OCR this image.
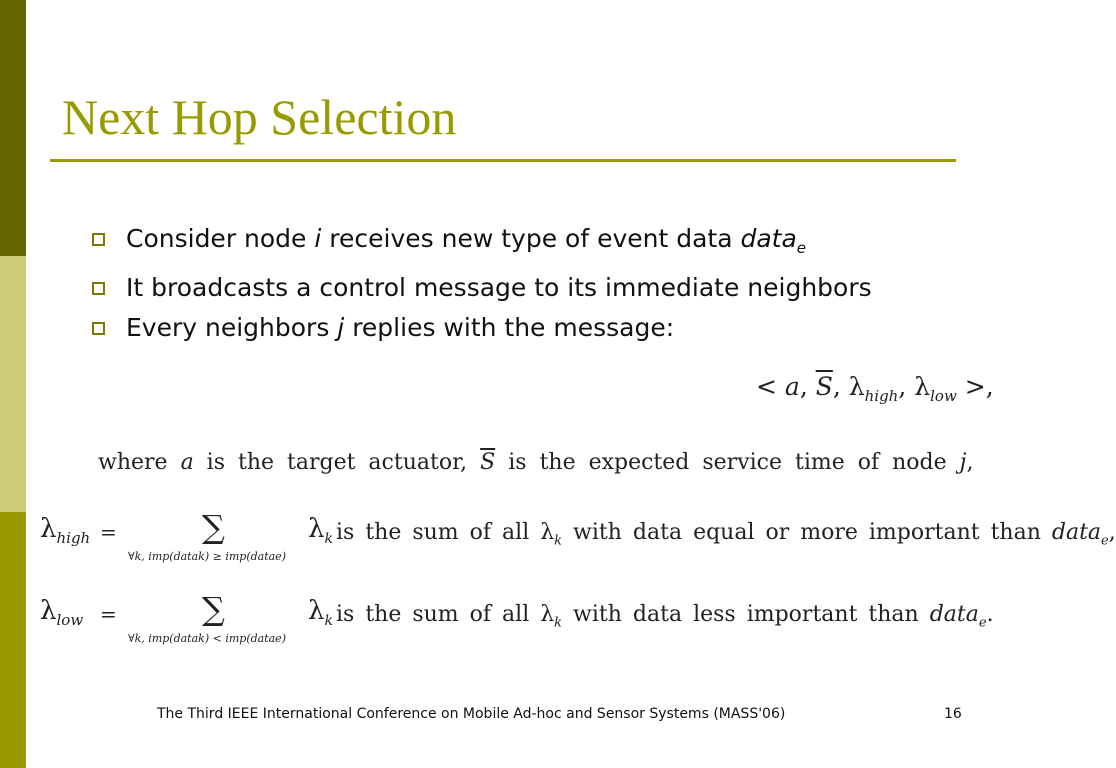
Next Hop Selection
Consider node i receives new type of event data data$_e$
It broadcasts a control message to its immediate neighbors
Every neighbors j replies with the message:
< a, $\overline{S}$, $\lambda_{high}$, $\lambda_{low}$ >,
where a is the target actuator, $\overline{S}$ is the expected service time of node j,
$\lambda_{high}$ =	∑
∀k, imp(datak) ≥ imp(datae)
$\lambda_k$ is the sum of all $\lambda_k$ with data equal or more important than data$_e$,
$\lambda_{low}$ =	∑
∀k, imp(datak) < imp(datae)
$\lambda_k$ is the sum of all $\lambda_k$ with data less important than data$_e$.
The Third IEEE International Conference on Mobile Ad-hoc and Sensor Systems (MASS'06)	16
